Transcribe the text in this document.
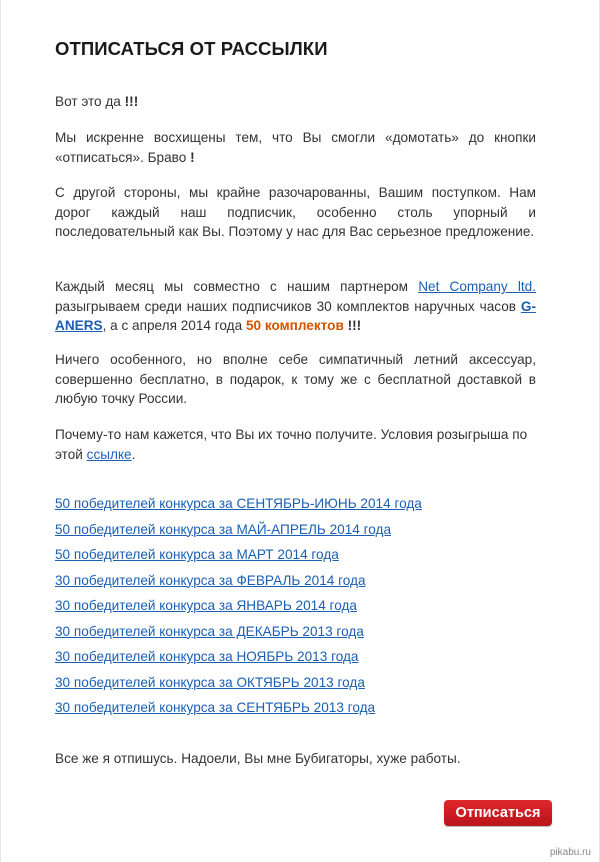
ОТПИСАТЬСЯ ОТ РАССЫЛКИ

Вот это да !!!

Мы искренне восхищены тем, что Вы смогли «домотать» до кнопки «отписаться». Браво !

С другой стороны, мы крайне разочарованны, Вашим поступком. Нам дорог каждый наш подписчик, особенно столь упорный и последовательный как Вы. Поэтому у нас для Вас серьезное предложение.

Каждый месяц мы совместно с нашим партнером Net Company ltd. разыгрываем среди наших подписчиков 30 комплектов наручных часов G-ANERS, а с апреля 2014 года 50 комплектов !!!

Ничего особенного, но вполне себе симпатичный летний аксессуар, совершенно бесплатно, в подарок, к тому же с бесплатной доставкой в любую точку России.

Почему-то нам кажется, что Вы их точно получите. Условия розыгрыша по этой ссылке.

50 победителей конкурса за СЕНТЯБРЬ-ИЮНЬ 2014 года
50 победителей конкурса за МАЙ-АПРЕЛЬ 2014 года
50 победителей конкурса за МАРТ 2014 года
30 победителей конкурса за ФЕВРАЛЬ 2014 года
30 победителей конкурса за ЯНВАРЬ 2014 года
30 победителей конкурса за ДЕКАБРЬ 2013 года
30 победителей конкурса за НОЯБРЬ 2013 года
30 победителей конкурса за ОКТЯБРЬ 2013 года
30 победителей конкурса за СЕНТЯБРЬ 2013 года

Все же я отпишусь. Надоели, Вы мне Бубигаторы, хуже работы.

Отписаться
pikabu.ru
